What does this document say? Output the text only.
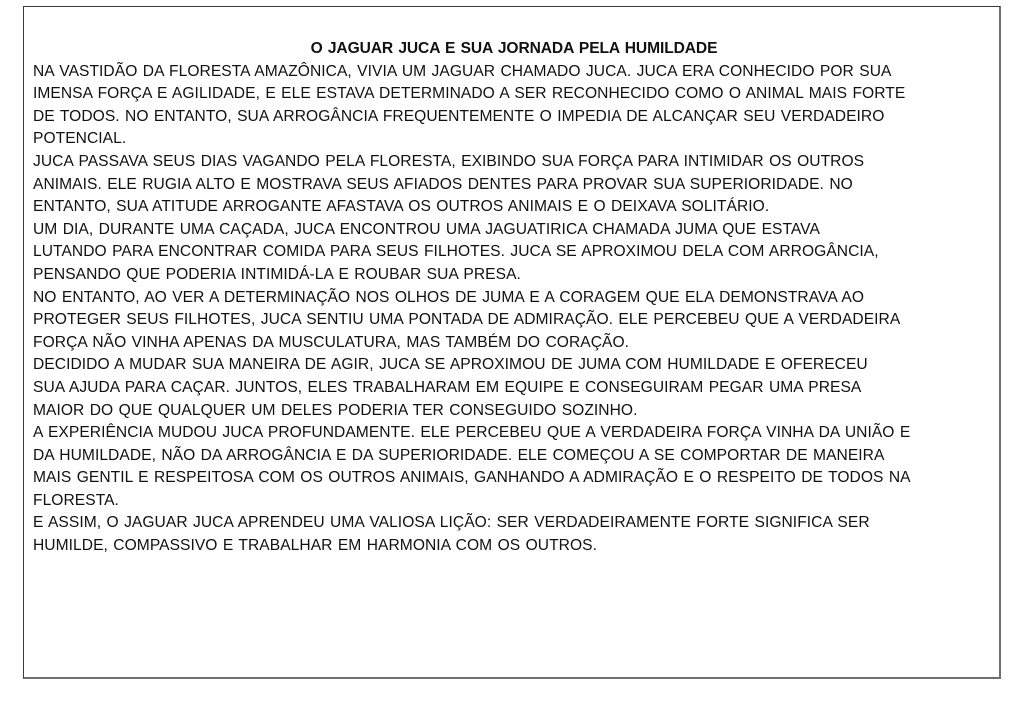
O JAGUAR JUCA E SUA JORNADA PELA HUMILDADE

NA VASTIDÃO DA FLORESTA AMAZÔNICA, VIVIA UM JAGUAR CHAMADO JUCA. JUCA ERA CONHECIDO POR SUA
IMENSA FORÇA E AGILIDADE, E ELE ESTAVA DETERMINADO A SER RECONHECIDO COMO O ANIMAL MAIS FORTE
DE TODOS. NO ENTANTO, SUA ARROGÂNCIA FREQUENTEMENTE O IMPEDIA DE ALCANÇAR SEU VERDADEIRO
POTENCIAL.

JUCA PASSAVA SEUS DIAS VAGANDO PELA FLORESTA, EXIBINDO SUA FORÇA PARA INTIMIDAR OS OUTROS
ANIMAIS. ELE RUGIA ALTO E MOSTRAVA SEUS AFIADOS DENTES PARA PROVAR SUA SUPERIORIDADE. NO
ENTANTO, SUA ATITUDE ARROGANTE AFASTAVA OS OUTROS ANIMAIS E O DEIXAVA SOLITÁRIO.

UM DIA, DURANTE UMA CAÇADA, JUCA ENCONTROU UMA JAGUATIRICA CHAMADA JUMA QUE ESTAVA
LUTANDO PARA ENCONTRAR COMIDA PARA SEUS FILHOTES. JUCA SE APROXIMOU DELA COM ARROGÂNCIA,
PENSANDO QUE PODERIA INTIMIDÁ-LA E ROUBAR SUA PRESA.

NO ENTANTO, AO VER A DETERMINAÇÃO NOS OLHOS DE JUMA E A CORAGEM QUE ELA DEMONSTRAVA AO
PROTEGER SEUS FILHOTES, JUCA SENTIU UMA PONTADA DE ADMIRAÇÃO. ELE PERCEBEU QUE A VERDADEIRA
FORÇA NÃO VINHA APENAS DA MUSCULATURA, MAS TAMBÉM DO CORAÇÃO.

DECIDIDO A MUDAR SUA MANEIRA DE AGIR, JUCA SE APROXIMOU DE JUMA COM HUMILDADE E OFERECEU
SUA AJUDA PARA CAÇAR. JUNTOS, ELES TRABALHARAM EM EQUIPE E CONSEGUIRAM PEGAR UMA PRESA
MAIOR DO QUE QUALQUER UM DELES PODERIA TER CONSEGUIDO SOZINHO.

A EXPERIÊNCIA MUDOU JUCA PROFUNDAMENTE. ELE PERCEBEU QUE A VERDADEIRA FORÇA VINHA DA UNIÃO E
DA HUMILDADE, NÃO DA ARROGÂNCIA E DA SUPERIORIDADE. ELE COMEÇOU A SE COMPORTAR DE MANEIRA
MAIS GENTIL E RESPEITOSA COM OS OUTROS ANIMAIS, GANHANDO A ADMIRAÇÃO E O RESPEITO DE TODOS NA
FLORESTA.

E ASSIM, O JAGUAR JUCA APRENDEU UMA VALIOSA LIÇÃO: SER VERDADEIRAMENTE FORTE SIGNIFICA SER
HUMILDE, COMPASSIVO E TRABALHAR EM HARMONIA COM OS OUTROS.
